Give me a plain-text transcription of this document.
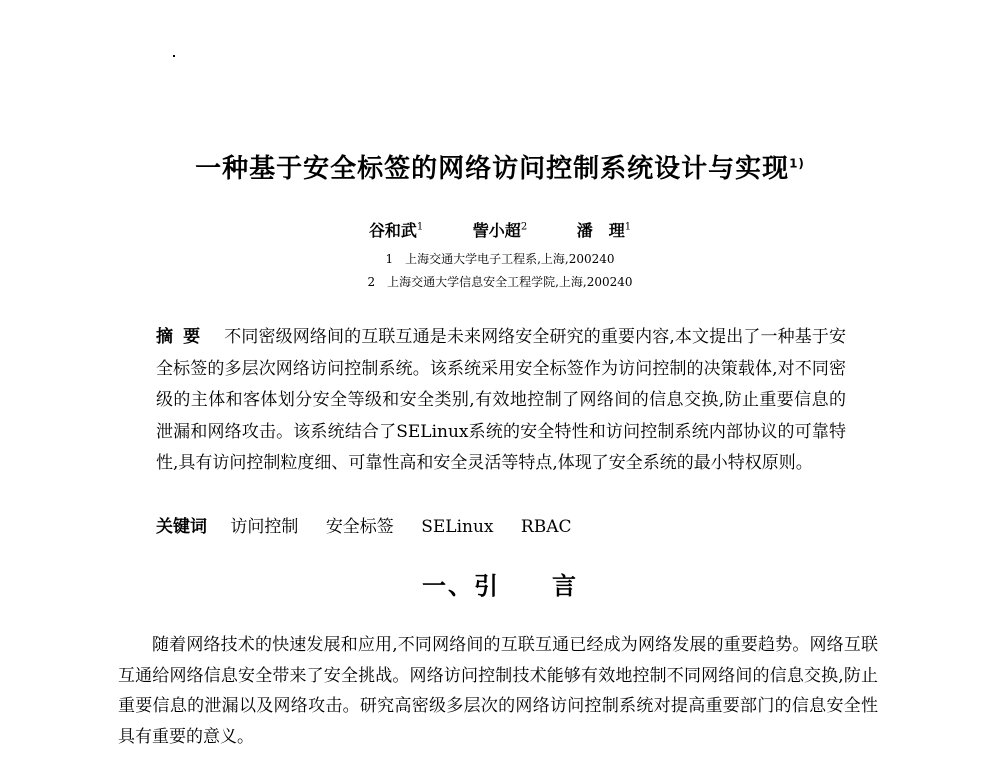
一种基于安全标签的网络访问控制系统设计与实现$^{1)}$
谷和武$^1$	訾小超$^2$	潘　理$^1$
1　上海交通大学电子工程系,上海,200240
2　上海交通大学信息安全工程学院,上海,200240
摘要 不同密级网络间的互联互通是未来网络安全研究的重要内容,本文提出了一种基于安全标签的多层次网络访问控制系统。该系统采用安全标签作为访问控制的决策载体,对不同密级的主体和客体划分安全等级和安全类别,有效地控制了网络间的信息交换,防止重要信息的泄漏和网络攻击。该系统结合了SELinux系统的安全特性和访问控制系统内部协议的可靠特性,具有访问控制粒度细、可靠性高和安全灵活等特点,体现了安全系统的最小特权原则。
关键词 访问控制 安全标签 SELinux RBAC
一、引　　言

随着网络技术的快速发展和应用,不同网络间的互联互通已经成为网络发展的重要趋势。网络互联互通给网络信息安全带来了安全挑战。网络访问控制技术能够有效地控制不同网络间的信息交换,防止重要信息的泄漏以及网络攻击。研究高密级多层次的网络访问控制系统对提高重要部门的信息安全性具有重要的意义。
